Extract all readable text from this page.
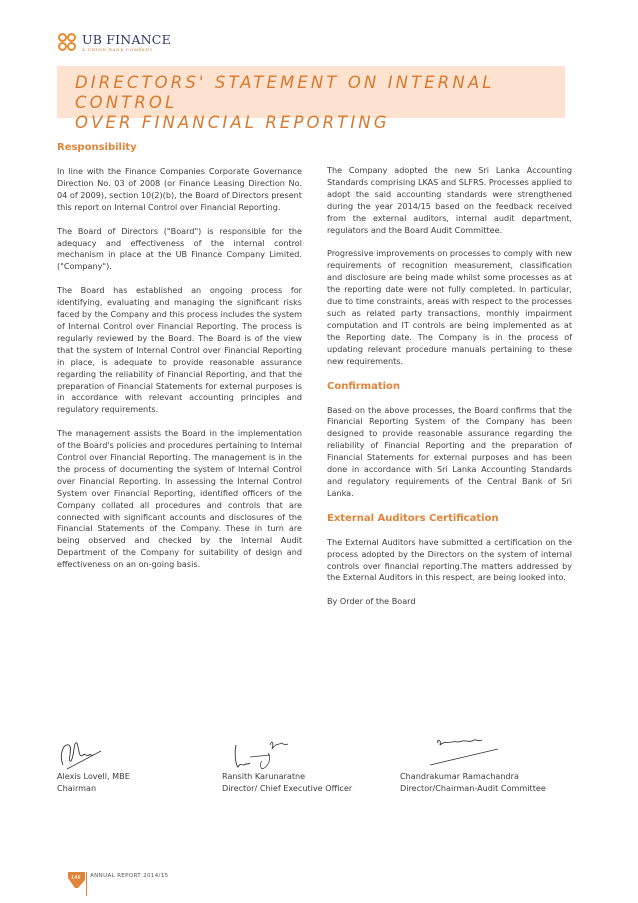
UB FINANCE
A UNION BANK COMPANY
DIRECTORS' STATEMENT ON INTERNAL CONTROL
OVER FINANCIAL REPORTING
Responsibility

In line with the Finance Companies Corporate Governance Direction No. 03 of 2008 (or Finance Leasing Direction No. 04 of 2009), section 10(2)(b), the Board of Directors present this report on Internal Control over Financial Reporting.

The Board of Directors ("Board") is responsible for the adequacy and effectiveness of the internal control mechanism in place at the UB Finance Company Limited. ("Company").

The Board has established an ongoing process for identifying, evaluating and managing the significant risks faced by the Company and this process includes the system of Internal Control over Financial Reporting. The process is regularly reviewed by the Board. The Board is of the view that the system of Internal Control over Financial Reporting in place, is adequate to provide reasonable assurance regarding the reliability of Financial Reporting, and that the preparation of Financial Statements for external purposes is in accordance with relevant accounting principles and regulatory requirements.

The management assists the Board in the implementation of the Board's policies and procedures pertaining to Internal Control over Financial Reporting. The management is in the the process of documenting the system of Internal Control over Financial Reporting. In assessing the Internal Control System over Financial Reporting, identified officers of the Company collated all procedures and controls that are connected with significant accounts and disclosures of the Financial Statements of the Company. These in turn are being observed and checked by the Internal Audit Department of the Company for suitability of design and effectiveness on an on-going basis.

The Company adopted the new Sri Lanka Accounting Standards comprising LKAS and SLFRS. Processes applied to adopt the said accounting standards were strengthened during the year 2014/15 based on the feedback received from the external auditors, internal audit department, regulators and the Board Audit Committee.

Progressive improvements on processes to comply with new requirements of recognition measurement, classification and disclosure are being made whilst some processes as at the reporting date were not fully completed. In particular, due to time constraints, areas with respect to the processes such as related party transactions, monthly impairment computation and IT controls are being implemented as at the Reporting date. The Company is in the process of updating relevant procedure manuals pertaining to these new requirements.

Confirmation

Based on the above processes, the Board confirms that the Financial Reporting System of the Company has been designed to provide reasonable assurance regarding the reliability of Financial Reporting and the preparation of Financial Statements for external purposes and has been done in accordance with Sri Lanka Accounting Standards and regulatory requirements of the Central Bank of Sri Lanka.

External Auditors Certification

The External Auditors have submitted a certification on the process adopted by the Directors on the system of internal controls over financial reporting.The matters addressed by the External Auditors in this respect, are being looked into.

By Order of the Board

Alexis Lovell, MBE
Chairman
Ransith Karunaratne
Director/ Chief Executive Officer
Chandrakumar Ramachandra
Director/Chairman-Audit Committee
146 ANNUAL REPORT 2014/15
